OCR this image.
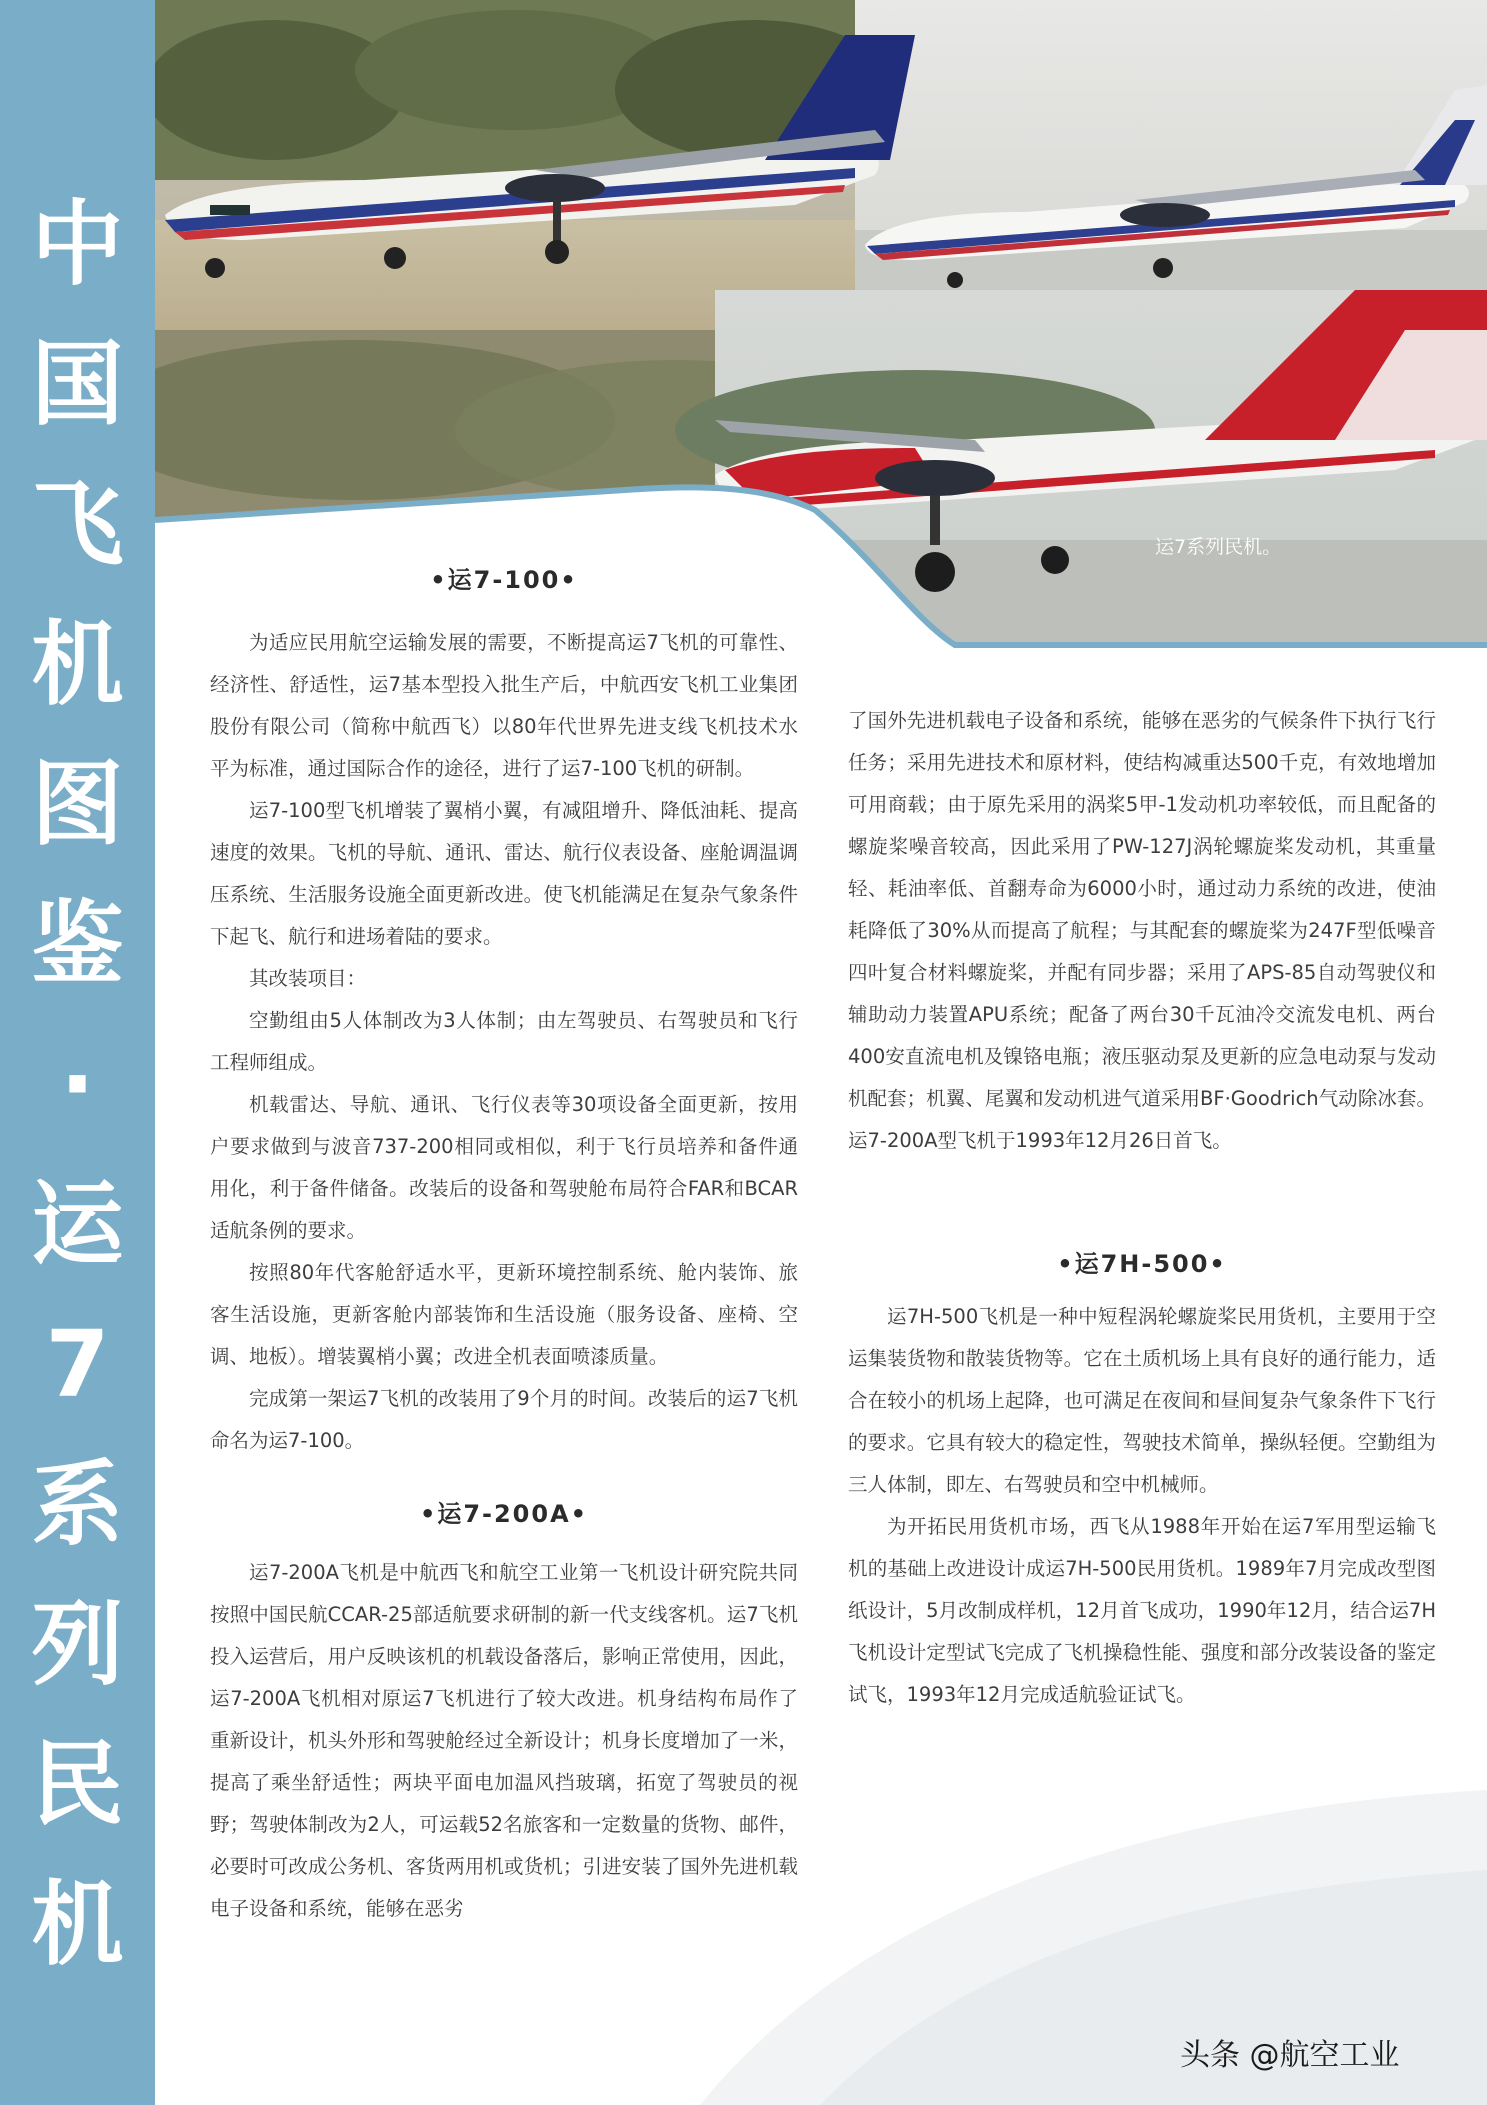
中
国
飞
机
图
鉴
·
运
7
系
列
民
机
运7系列民机。
•运7-100•

为适应民用航空运输发展的需要，不断提高运7飞机的可靠性、经济性、舒适性，运7基本型投入批生产后，中航西安飞机工业集团股份有限公司（简称中航西飞）以80年代世界先进支线飞机技术水平为标准，通过国际合作的途径，进行了运7-100飞机的研制。

运7-100型飞机增装了翼梢小翼，有减阻增升、降低油耗、提高速度的效果。飞机的导航、通讯、雷达、航行仪表设备、座舱调温调压系统、生活服务设施全面更新改进。使飞机能满足在复杂气象条件下起飞、航行和进场着陆的要求。

其改装项目：

空勤组由5人体制改为3人体制；由左驾驶员、右驾驶员和飞行工程师组成。

机载雷达、导航、通讯、飞行仪表等30项设备全面更新，按用户要求做到与波音737-200相同或相似，利于飞行员培养和备件通用化，利于备件储备。改装后的设备和驾驶舱布局符合FAR和BCAR适航条例的要求。

按照80年代客舱舒适水平，更新环境控制系统、舱内装饰、旅客生活设施，更新客舱内部装饰和生活设施（服务设备、座椅、空调、地板）。增装翼梢小翼；改进全机表面喷漆质量。

完成第一架运7飞机的改装用了9个月的时间。改装后的运7飞机命名为运7-100。

•运7-200A•

运7-200A飞机是中航西飞和航空工业第一飞机设计研究院共同按照中国民航CCAR-25部适航要求研制的新一代支线客机。运7飞机投入运营后，用户反映该机的机载设备落后，影响正常使用，因此，运7-200A飞机相对原运7飞机进行了较大改进。机身结构布局作了重新设计，机头外形和驾驶舱经过全新设计；机身长度增加了一米，提高了乘坐舒适性；两块平面电加温风挡玻璃，拓宽了驾驶员的视野；驾驶体制改为2人，可运载52名旅客和一定数量的货物、邮件，必要时可改成公务机、客货两用机或货机；引进安装了国外先进机载电子设备和系统，能够在恶劣

了国外先进机载电子设备和系统，能够在恶劣的气候条件下执行飞行任务；采用先进技术和原材料，使结构减重达500千克，有效地增加可用商载；由于原先采用的涡桨5甲-1发动机功率较低，而且配备的螺旋桨噪音较高，因此采用了PW-127J涡轮螺旋桨发动机，其重量轻、耗油率低、首翻寿命为6000小时，通过动力系统的改进，使油耗降低了30%从而提高了航程；与其配套的螺旋桨为247F型低噪音四叶复合材料螺旋桨，并配有同步器；采用了APS-85自动驾驶仪和辅助动力装置APU系统；配备了两台30千瓦油冷交流发电机、两台400安直流电机及镍铬电瓶；液压驱动泵及更新的应急电动泵与发动机配套；机翼、尾翼和发动机进气道采用BF·Goodrich气动除冰套。运7-200A型飞机于1993年12月26日首飞。

•运7H-500•

运7H-500飞机是一种中短程涡轮螺旋桨民用货机，主要用于空运集装货物和散装货物等。它在土质机场上具有良好的通行能力，适合在较小的机场上起降，也可满足在夜间和昼间复杂气象条件下飞行的要求。它具有较大的稳定性，驾驶技术简单，操纵轻便。空勤组为三人体制，即左、右驾驶员和空中机械师。

为开拓民用货机市场，西飞从1988年开始在运7军用型运输飞机的基础上改进设计成运7H-500民用货机。1989年7月完成改型图纸设计，5月改制成样机，12月首飞成功，1990年12月，结合运7H飞机设计定型试飞完成了飞机操稳性能、强度和部分改装设备的鉴定试飞，1993年12月完成适航验证试飞。

头条 @航空工业
